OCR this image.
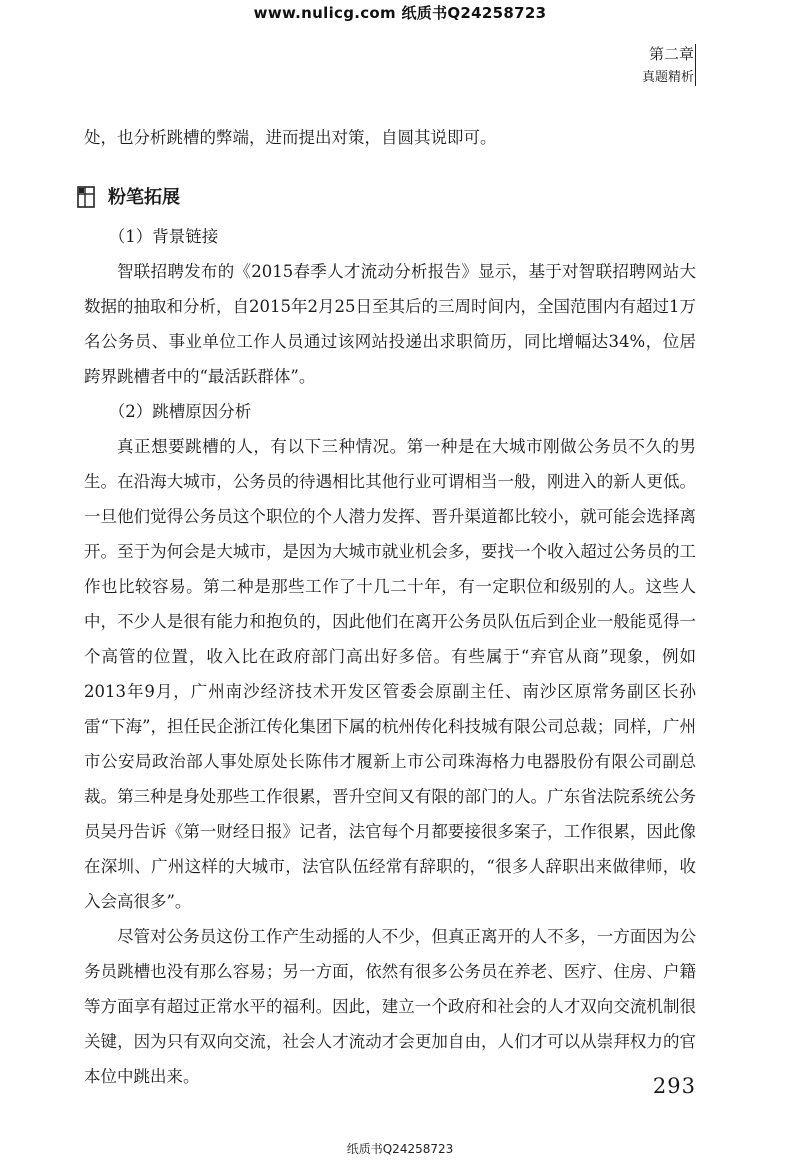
www.nulicg.com 纸质书Q24258723
第二章
真题精析

处，也分析跳槽的弊端，进而提出对策，自圆其说即可。

粉笔拓展

（1）背景链接

智联招聘发布的《2015春季人才流动分析报告》显示，基于对智联招聘网站大数据的抽取和分析，自2015年2月25日至其后的三周时间内，全国范围内有超过1万名公务员、事业单位工作人员通过该网站投递出求职简历，同比增幅达34%，位居跨界跳槽者中的“最活跃群体”。

（2）跳槽原因分析

真正想要跳槽的人，有以下三种情况。第一种是在大城市刚做公务员不久的男生。在沿海大城市，公务员的待遇相比其他行业可谓相当一般，刚进入的新人更低。一旦他们觉得公务员这个职位的个人潜力发挥、晋升渠道都比较小，就可能会选择离开。至于为何会是大城市，是因为大城市就业机会多，要找一个收入超过公务员的工作也比较容易。第二种是那些工作了十几二十年，有一定职位和级别的人。这些人中，不少人是很有能力和抱负的，因此他们在离开公务员队伍后到企业一般能觅得一个高管的位置，收入比在政府部门高出好多倍。有些属于“弃官从商”现象，例如2013年9月，广州南沙经济技术开发区管委会原副主任、南沙区原常务副区长孙雷“下海”，担任民企浙江传化集团下属的杭州传化科技城有限公司总裁；同样，广州市公安局政治部人事处原处长陈伟才履新上市公司珠海格力电器股份有限公司副总裁。第三种是身处那些工作很累，晋升空间又有限的部门的人。广东省法院系统公务员吴丹告诉《第一财经日报》记者，法官每个月都要接很多案子，工作很累，因此像在深圳、广州这样的大城市，法官队伍经常有辞职的，“很多人辞职出来做律师，收入会高很多”。

尽管对公务员这份工作产生动摇的人不少，但真正离开的人不多，一方面因为公务员跳槽也没有那么容易；另一方面，依然有很多公务员在养老、医疗、住房、户籍等方面享有超过正常水平的福利。因此，建立一个政府和社会的人才双向交流机制很关键，因为只有双向交流，社会人才流动才会更加自由，人们才可以从崇拜权力的官本位中跳出来。	293
纸质书Q24258723
